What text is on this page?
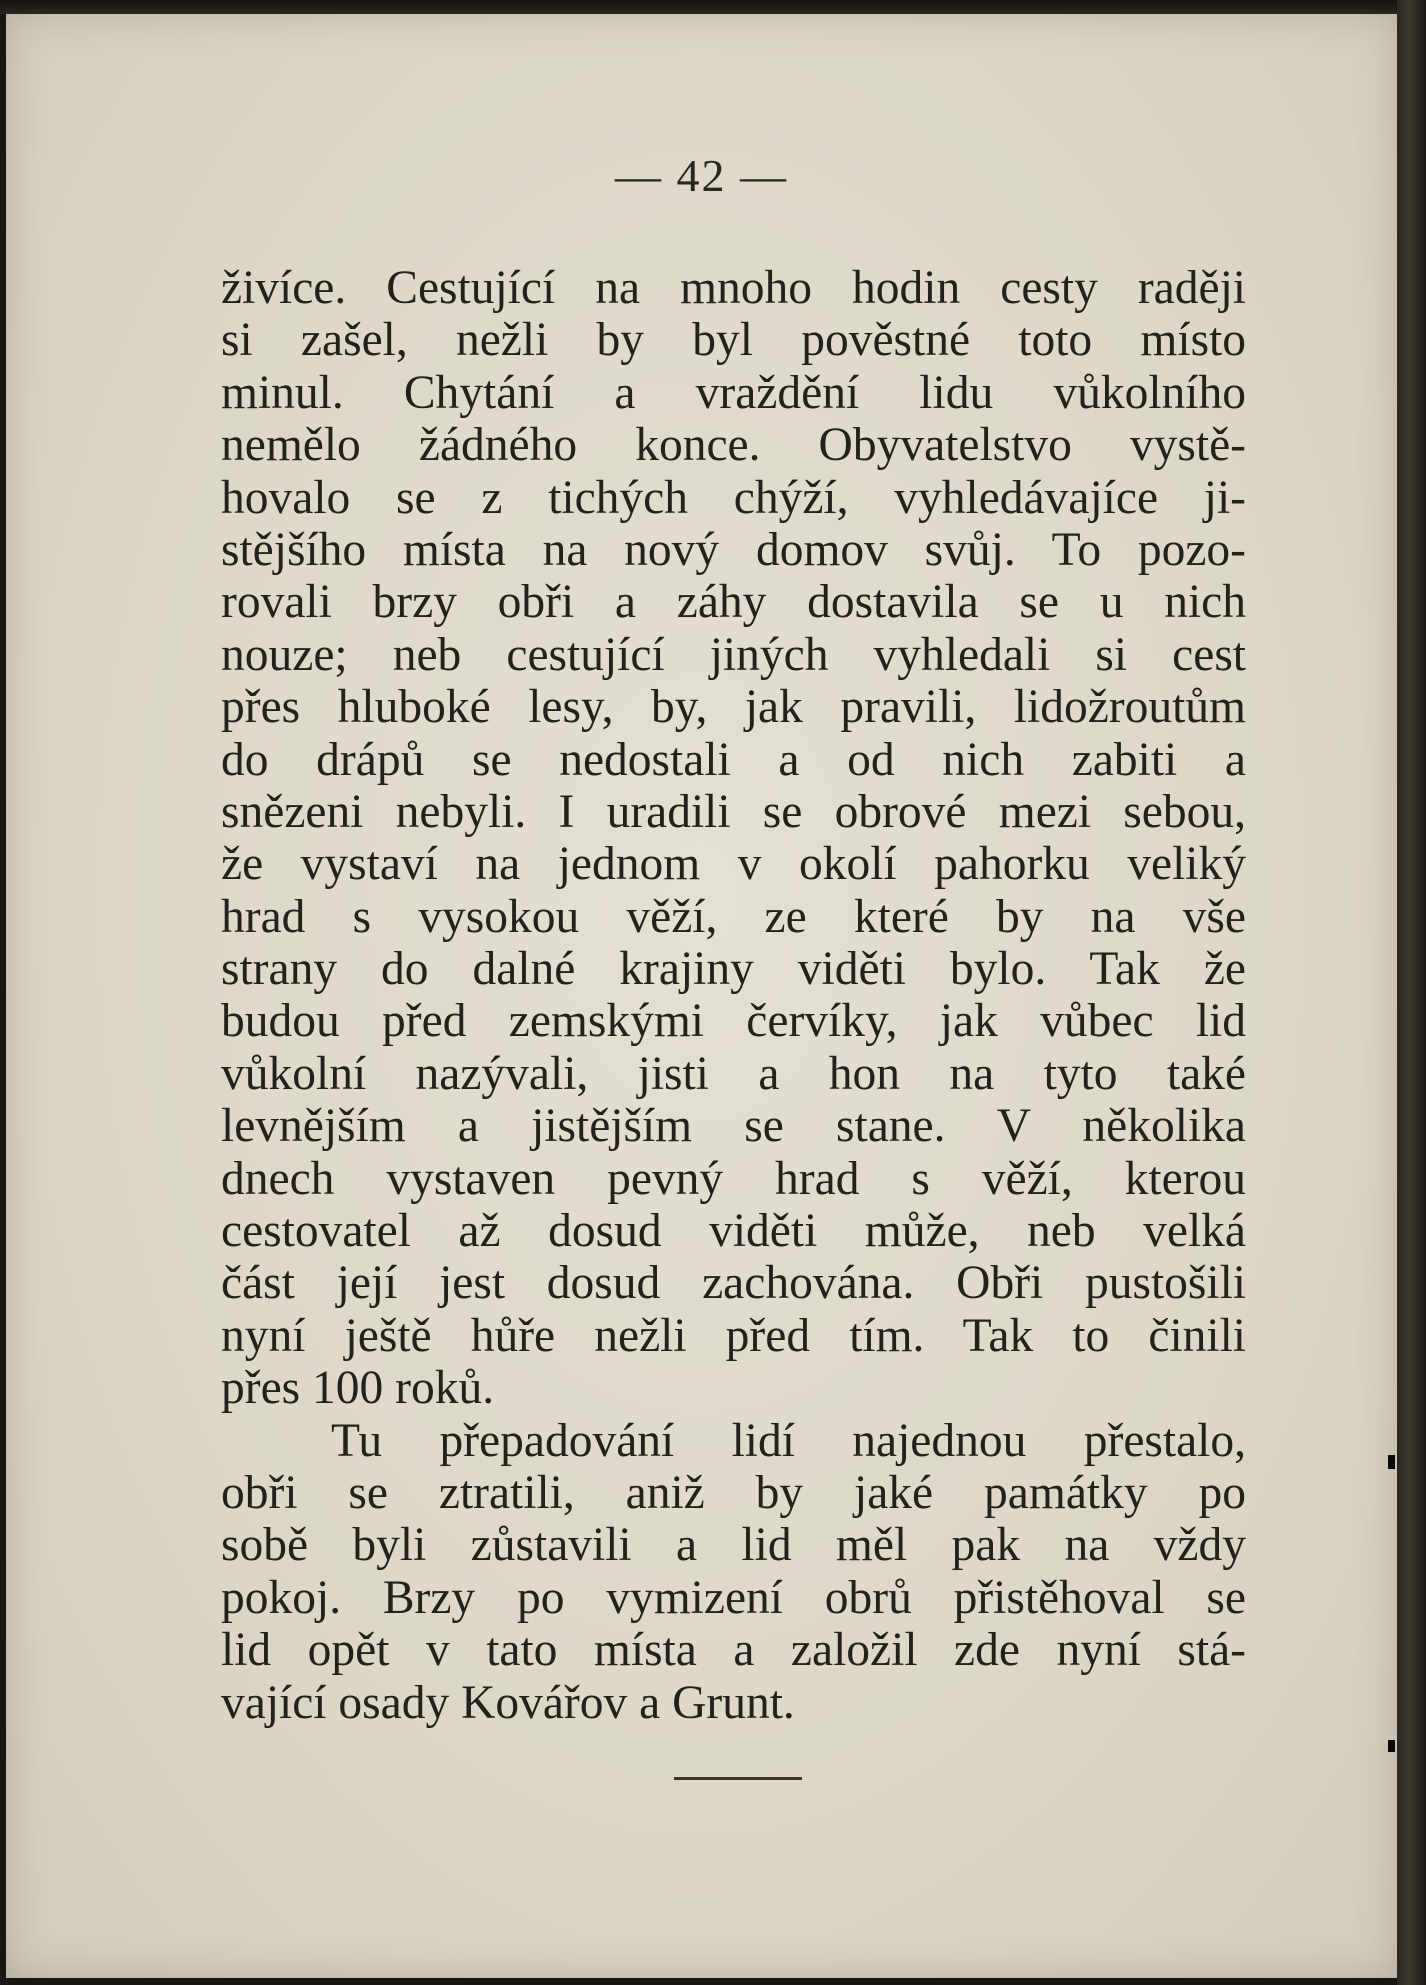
— 42 —
živíce. Cestující na mnoho hodin cesty raději
si zašel, nežli by byl pověstné toto místo
minul. Chytání a vraždění lidu vůkolního
nemělo žádného konce. Obyvatelstvo vystě-
hovalo se z tichých chýží, vyhledávajíce ji-
stějšího místa na nový domov svůj. To pozo-
rovali brzy obři a záhy dostavila se u nich
nouze; neb cestující jiných vyhledali si cest
přes hluboké lesy, by, jak pravili, lidožroutům
do drápů se nedostali a od nich zabiti a
snězeni nebyli. I uradili se obrové mezi sebou,
že vystaví na jednom v okolí pahorku veliký
hrad s vysokou věží, ze které by na vše
strany do dalné krajiny viděti bylo. Tak že
budou před zemskými červíky, jak vůbec lid
vůkolní nazývali, jisti a hon na tyto také
levnějším a jistějším se stane. V několika
dnech vystaven pevný hrad s věží, kterou
cestovatel až dosud viděti může, neb velká
část její jest dosud zachována. Obři pustošili
nyní ještě hůře nežli před tím. Tak to činili
přes 100 roků.
Tu přepadování lidí najednou přestalo,
obři se ztratili, aniž by jaké památky po
sobě byli zůstavili a lid měl pak na vždy
pokoj. Brzy po vymizení obrů přistěhoval se
lid opět v tato místa a založil zde nyní stá-
vající osady Kovářov a Grunt.
